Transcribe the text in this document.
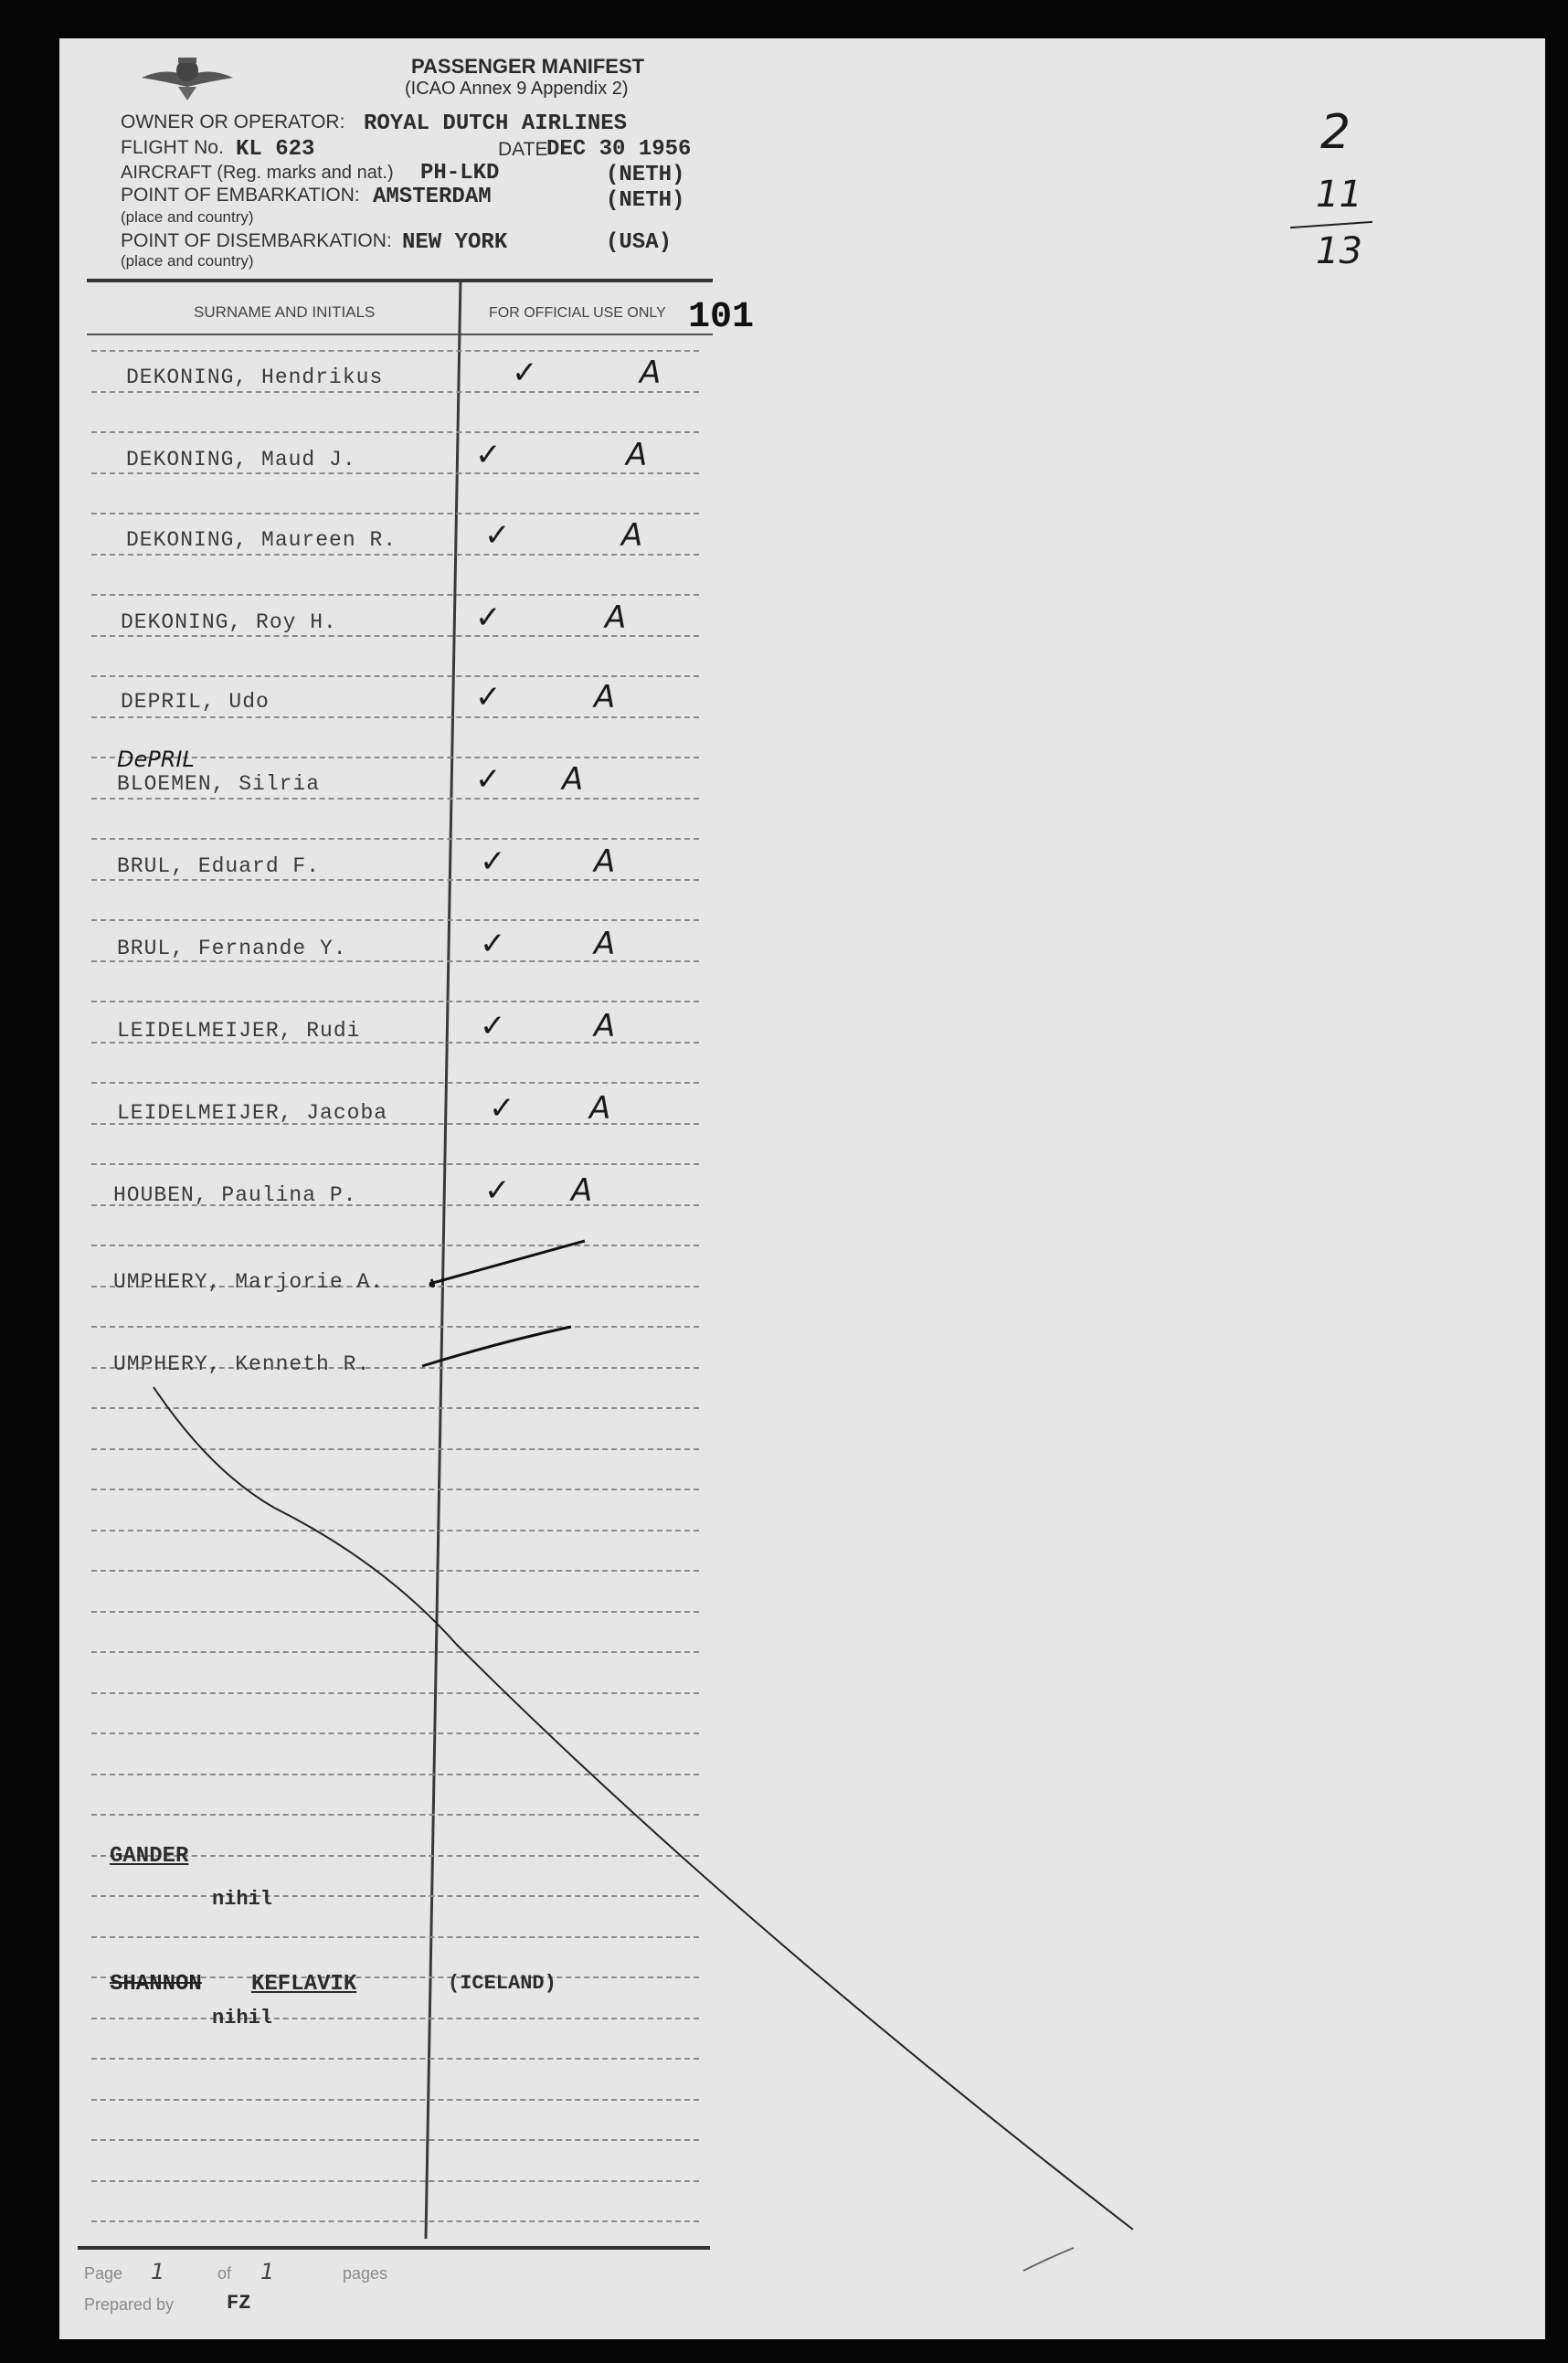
PASSENGER MANIFEST
(ICAO Annex 9 Appendix 2)
OWNER OR OPERATOR: ROYAL DUTCH AIRLINES
FLIGHT No. KL 623	DATE
DEC 30 1956
AIRCRAFT (Reg. marks and nat.) PH-LKD	(NETH)
POINT OF EMBARKATION: AMSTERDAM	(NETH)
(place and country)
POINT OF DISEMBARKATION: NEW YORK	(USA)
(place and country)
SURNAME AND INITIALS	FOR OFFICIAL USE ONLY 101
DEKONING, Hendrikus	✓	A
DEKONING, Maud J.	✓	A
DEKONING, Maureen R.	✓	A
DEKONING, Roy H.	✓	A
DEPRIL, Udo	✓	A
BLOEMEN, Silria	✓ A
DePRIL
BRUL, Eduard F.	✓	A
BRUL, Fernande Y.	✓	A
LEIDELMEIJER, Rudi	✓	A
LEIDELMEIJER, Jacoba	✓ A
HOUBEN, Paulina P.	✓ A
UMPHERY, Marjorie A.
UMPHERY, Kenneth R.
GANDER
nihil
SHANNON KEFLAVIK	(ICELAND)
nihil
Page 1	of 1	pages
Prepared by	FZ
2
11
13
